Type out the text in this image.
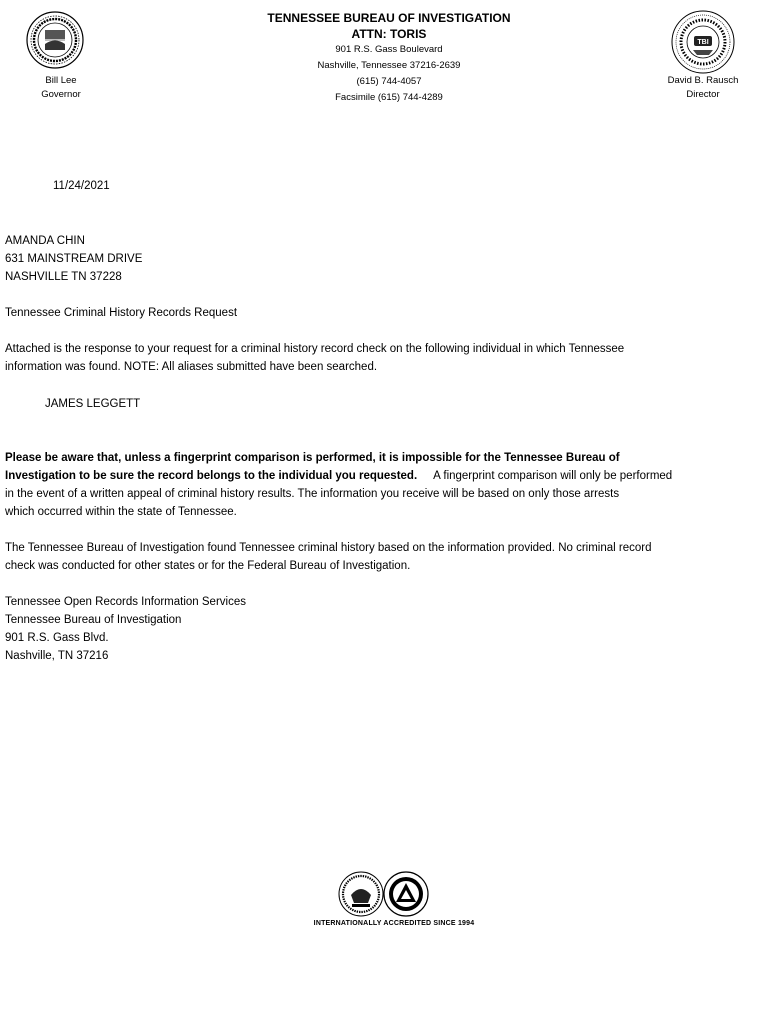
Bill Lee
Governor
TENNESSEE BUREAU OF INVESTIGATION
ATTN: TORIS
901 R.S. Gass Boulevard
Nashville, Tennessee 37216-2639
(615) 744-4057
Facsimile (615) 744-4289
TBI
David B. Rausch
Director
11/24/2021
AMANDA CHIN
631 MAINSTREAM DRIVE
NASHVILLE TN 37228
Tennessee Criminal History Records Request
Attached is the response to your request for a criminal history record check on the following individual in which Tennessee
information was found. NOTE: All aliases submitted have been searched.
JAMES LEGGETT
Please be aware that, unless a fingerprint comparison is performed, it is impossible for the Tennessee Bureau of
Investigation to be sure the record belongs to the individual you requested. A fingerprint comparison will only be performed
in the event of a written appeal of criminal history results. The information you receive will be based on only those arrests
which occurred within the state of Tennessee.
The Tennessee Bureau of Investigation found Tennessee criminal history based on the information provided. No criminal record
check was conducted for other states or for the Federal Bureau of Investigation.
Tennessee Open Records Information Services
Tennessee Bureau of Investigation
901 R.S. Gass Blvd.
Nashville, TN 37216
INTERNATIONALLY ACCREDITED SINCE 1994
